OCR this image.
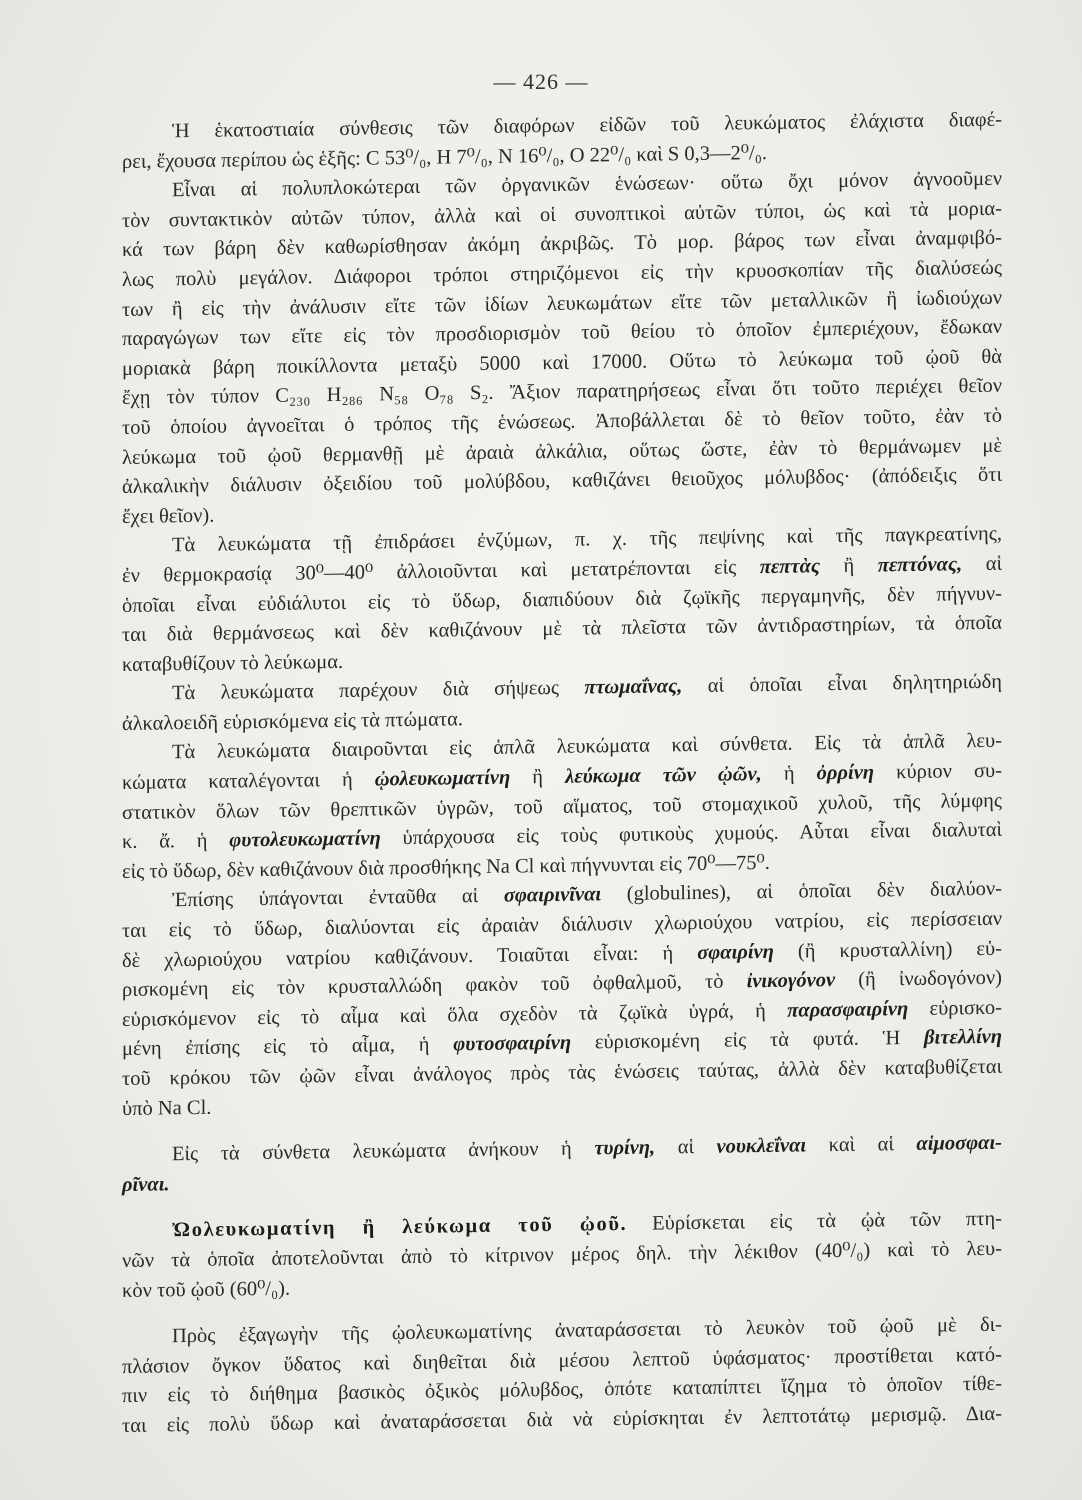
— 426 —
Ἡ ἑκατοστιαία σύνθεσις τῶν διαφόρων εἰδῶν τοῦ λευκώματος ἐλάχιστα διαφέ-
ρει, ἔχουσα περίπου ὡς ἑξῆς: C 53⁰/₀, H 7⁰/₀, N 16⁰/₀, O 22⁰/₀ καὶ S 0,3—2⁰/₀.
Εἶναι αἱ πολυπλοκώτεραι τῶν ὀργανικῶν ἑνώσεων· οὕτω ὄχι μόνον ἀγνοοῦμεν
τὸν συντακτικὸν αὐτῶν τύπον, ἀλλὰ καὶ οἱ συνοπτικοὶ αὐτῶν τύποι, ὡς καὶ τὰ μορια-
κά των βάρη δὲν καθωρίσθησαν ἀκόμη ἀκριβῶς. Τὸ μορ. βάρος των εἶναι ἀναμφιβό-
λως πολὺ μεγάλον. Διάφοροι τρόποι στηριζόμενοι εἰς τὴν κρυοσκοπίαν τῆς διαλύσεώς
των ἢ εἰς τὴν ἀνάλυσιν εἴτε τῶν ἰδίων λευκωμάτων εἴτε τῶν μεταλλικῶν ἢ ἰωδιούχων
παραγώγων των εἴτε εἰς τὸν προσδιορισμὸν τοῦ θείου τὸ ὁποῖον ἐμπεριέχουν, ἔδωκαν
μοριακὰ βάρη ποικίλλοντα μεταξὺ 5000 καὶ 17000. Οὕτω τὸ λεύκωμα τοῦ ᾠοῦ θὰ
ἔχῃ τὸν τύπον C₂₃₀ H₂₈₆ N₅₈ O₇₈ S₂. Ἄξιον παρατηρήσεως εἶναι ὅτι τοῦτο περιέχει θεῖον
τοῦ ὁποίου ἀγνοεῖται ὁ τρόπος τῆς ἑνώσεως. Ἀποβάλλεται δὲ τὸ θεῖον τοῦτο, ἐὰν τὸ
λεύκωμα τοῦ ᾠοῦ θερμανθῇ μὲ ἀραιὰ ἀλκάλια, οὕτως ὥστε, ἐὰν τὸ θερμάνωμεν μὲ
ἀλκαλικὴν διάλυσιν ὀξειδίου τοῦ μολύβδου, καθιζάνει θειοῦχος μόλυβδος· (ἀπόδειξις ὅτι
ἔχει θεῖον).
Τὰ λευκώματα τῇ ἐπιδράσει ἐνζύμων, π. χ. τῆς πεψίνης καὶ τῆς παγκρεατίνης,
ἐν θερμοκρασίᾳ 30⁰—40⁰ ἀλλοιοῦνται καὶ μετατρέπονται εἰς πεπτὰς ἢ πεπτόνας, αἱ
ὁποῖαι εἶναι εὐδιάλυτοι εἰς τὸ ὕδωρ, διαπιδύουν διὰ ζῳϊκῆς περγαμηνῆς, δὲν πήγνυν-
ται διὰ θερμάνσεως καὶ δὲν καθιζάνουν μὲ τὰ πλεῖστα τῶν ἀντιδραστηρίων, τὰ ὁποῖα
καταβυθίζουν τὸ λεύκωμα.
Τὰ λευκώματα παρέχουν διὰ σήψεως πτωμαΐνας, αἱ ὁποῖαι εἶναι δηλητηριώδη
ἀλκαλοειδῆ εὑρισκόμενα εἰς τὰ πτώματα.
Τὰ λευκώματα διαιροῦνται εἰς ἁπλᾶ λευκώματα καὶ σύνθετα. Εἰς τὰ ἁπλᾶ λευ-
κώματα καταλέγονται ἡ ᾠολευκωματίνη ἢ λεύκωμα τῶν ᾠῶν, ἡ ὀρρίνη κύριον συ-
στατικὸν ὅλων τῶν θρεπτικῶν ὑγρῶν, τοῦ αἵματος, τοῦ στομαχικοῦ χυλοῦ, τῆς λύμφης
κ. ἄ. ἡ φυτολευκωματίνη ὑπάρχουσα εἰς τοὺς φυτικοὺς χυμούς. Αὗται εἶναι διαλυταὶ
εἰς τὸ ὕδωρ, δὲν καθιζάνουν διὰ προσθήκης Na Cl καὶ πήγνυνται εἰς 70⁰—75⁰.
Ἐπίσης ὑπάγονται ἐνταῦθα αἱ σφαιρινῖναι (globulines), αἱ ὁποῖαι δὲν διαλύον-
ται εἰς τὸ ὕδωρ, διαλύονται εἰς ἀραιὰν διάλυσιν χλωριούχου νατρίου, εἰς περίσσειαν
δὲ χλωριούχου νατρίου καθιζάνουν. Τοιαῦται εἶναι: ἡ σφαιρίνη (ἢ κρυσταλλίνη) εὑ-
ρισκομένη εἰς τὸν κρυσταλλώδη φακὸν τοῦ ὀφθαλμοῦ, τὸ ἰνικογόνον (ἢ ἰνωδογόνον)
εὑρισκόμενον εἰς τὸ αἷμα καὶ ὅλα σχεδὸν τὰ ζῳϊκὰ ὑγρά, ἡ παρασφαιρίνη εὑρισκο-
μένη ἐπίσης εἰς τὸ αἷμα, ἡ φυτοσφαιρίνη εὑρισκομένη εἰς τὰ φυτά. Ἡ βιτελλίνη
τοῦ κρόκου τῶν ᾠῶν εἶναι ἀνάλογος πρὸς τὰς ἑνώσεις ταύτας, ἀλλὰ δὲν καταβυθίζεται
ὑπὸ Na Cl.
Εἰς τὰ σύνθετα λευκώματα ἀνήκουν ἡ τυρίνη, αἱ νουκλεΐναι καὶ αἱ αἱμοσφαι-
ρῖναι.
Ὠολευκωματίνη ἢ λεύκωμα τοῦ ᾠοῦ. Εὑρίσκεται εἰς τὰ ᾠὰ τῶν πτη-
νῶν τὰ ὁποῖα ἀποτελοῦνται ἀπὸ τὸ κίτρινον μέρος δηλ. τὴν λέκιθον (40⁰/₀) καὶ τὸ λευ-
κὸν τοῦ ᾠοῦ (60⁰/₀).
Πρὸς ἐξαγωγὴν τῆς ᾠολευκωματίνης ἀναταράσσεται τὸ λευκὸν τοῦ ᾠοῦ μὲ δι-
πλάσιον ὄγκον ὕδατος καὶ διηθεῖται διὰ μέσου λεπτοῦ ὑφάσματος· προστίθεται κατό-
πιν εἰς τὸ διήθημα βασικὸς ὀξικὸς μόλυβδος, ὁπότε καταπίπτει ἵζημα τὸ ὁποῖον τίθε-
ται εἰς πολὺ ὕδωρ καὶ ἀναταράσσεται διὰ νὰ εὑρίσκηται ἐν λεπτοτάτῳ μερισμῷ. Δια-
